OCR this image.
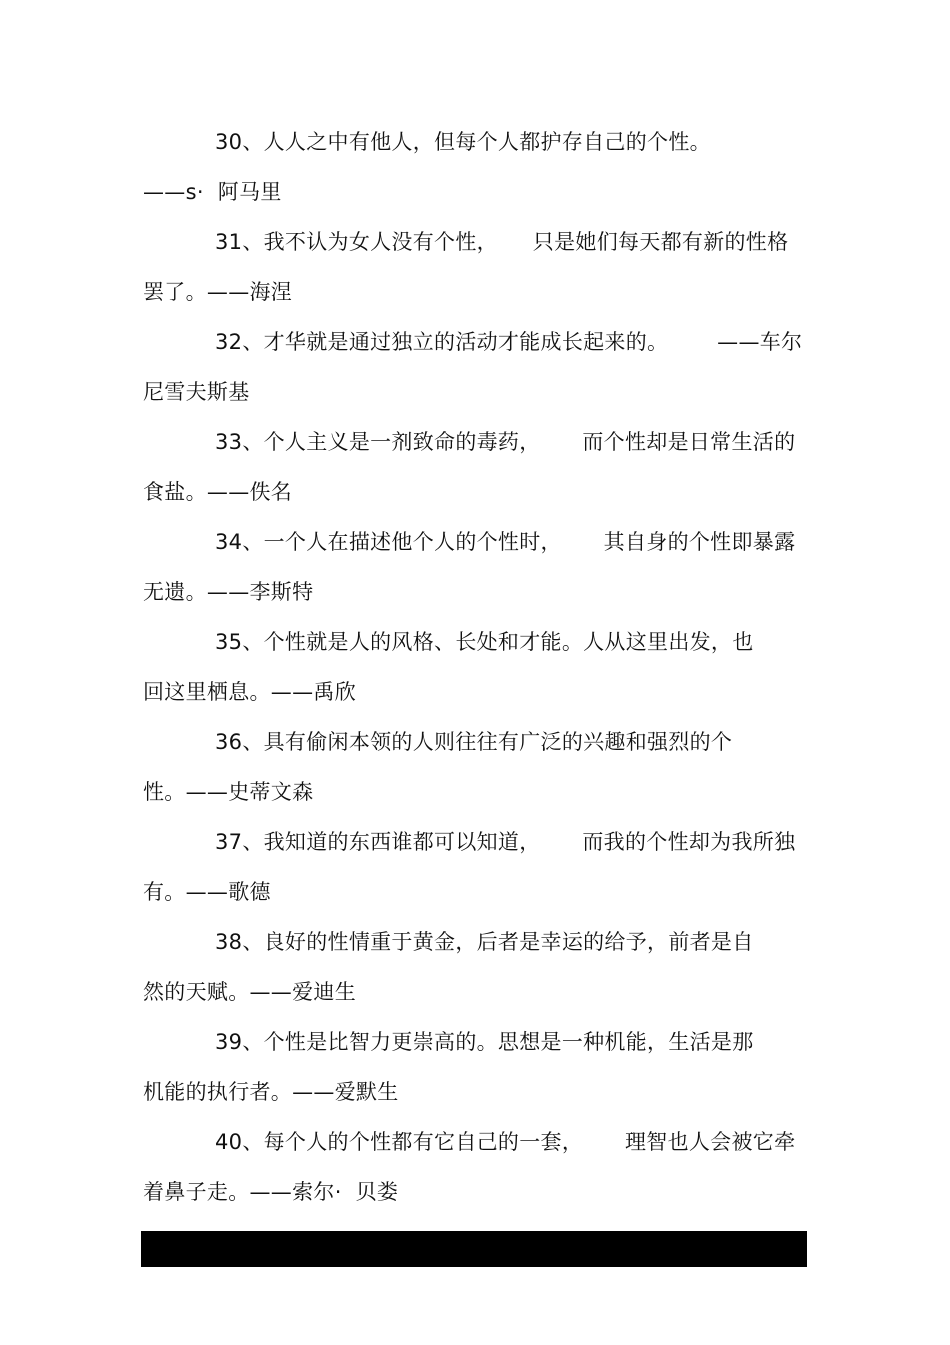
30、人人之中有他人，但每个人都护存自己的个性。
——s·  阿马里
31、我不认为女人没有个性，     只是她们每天都有新的性格
罢了。——海涅
32、才华就是通过独立的活动才能成长起来的。       ——车尔
尼雪夫斯基
33、个人主义是一剂致命的毒药，      而个性却是日常生活的
食盐。——佚名
34、一个人在描述他个人的个性时，      其自身的个性即暴露
无遗。——李斯特
35、个性就是人的风格、长处和才能。人从这里出发，也
回这里栖息。——禹欣
36、具有偷闲本领的人则往往有广泛的兴趣和强烈的个
性。——史蒂文森
37、我知道的东西谁都可以知道，      而我的个性却为我所独
有。——歌德
38、良好的性情重于黄金，后者是幸运的给予，前者是自
然的天赋。——爱迪生
39、个性是比智力更崇高的。思想是一种机能，生活是那
机能的执行者。——爱默生
40、每个人的个性都有它自己的一套，      理智也人会被它牵
着鼻子走。——索尔·  贝娄
